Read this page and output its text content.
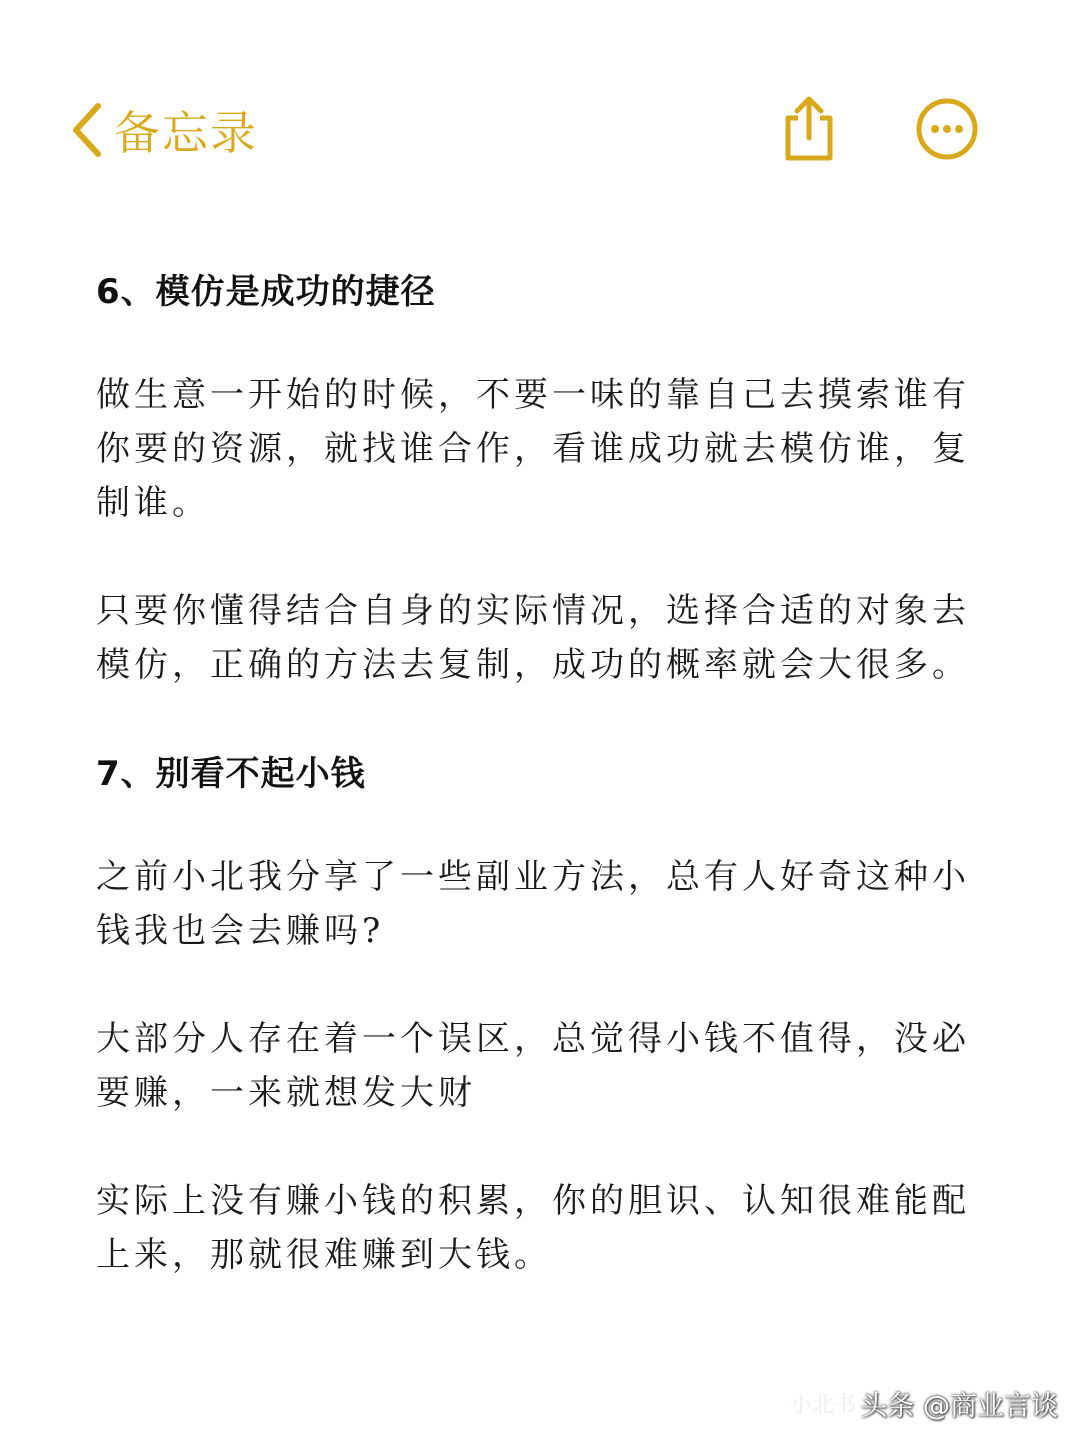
备忘录
6、模仿是成功的捷径

做生意一开始的时候，不要一味的靠自己去摸索谁有你要的资源，就找谁合作，看谁成功就去模仿谁，复制谁。

只要你懂得结合自身的实际情况，选择合适的对象去模仿，正确的方法去复制，成功的概率就会大很多。

7、别看不起小钱

之前小北我分享了一些副业方法，总有人好奇这种小钱我也会去赚吗?

大部分人存在着一个误区，总觉得小钱不值得，没必要赚，一来就想发大财

实际上没有赚小钱的积累，你的胆识、认知很难能配上来，那就很难赚到大钱。

小北书 头条 @商业言谈
